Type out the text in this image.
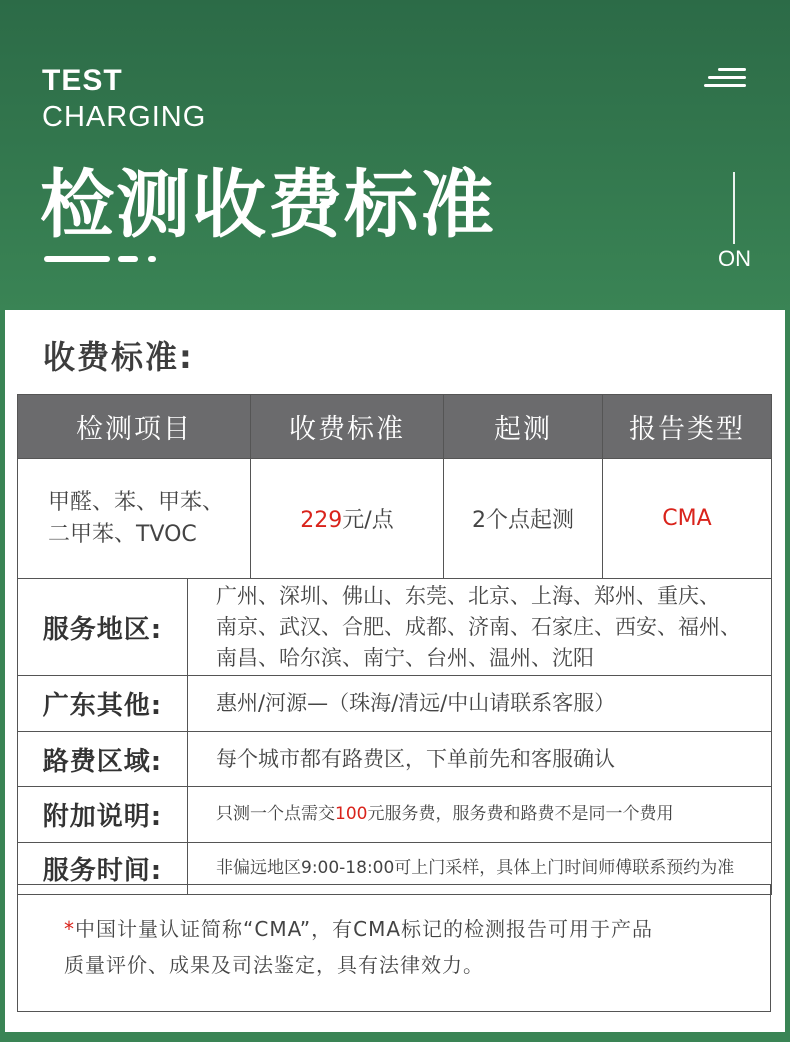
TEST
CHARGING
检测收费标准
ON
收费标准:
检测项目	收费标准	起测	报告类型

甲醛、苯、甲苯、
二甲苯、TVOC	229元/点	2个点起测	CMA
服务地区:	广州、深圳、佛山、东莞、北京、上海、郑州、重庆、
南京、武汉、合肥、成都、济南、石家庄、西安、福州、
南昌、哈尔滨、南宁、台州、温州、沈阳

广东其他:	惠州/河源—（珠海/清远/中山请联系客服）
路费区域:	每个城市都有路费区，下单前先和客服确认
附加说明:	只测一个点需交100元服务费，服务费和路费不是同一个费用
服务时间:	非偏远地区9:00-18:00可上门采样，具体上门时间师傅联系预约为准
*中国计量认证简称“CMA”，有CMA标记的检测报告可用于产品
质量评价、成果及司法鉴定，具有法律效力。
